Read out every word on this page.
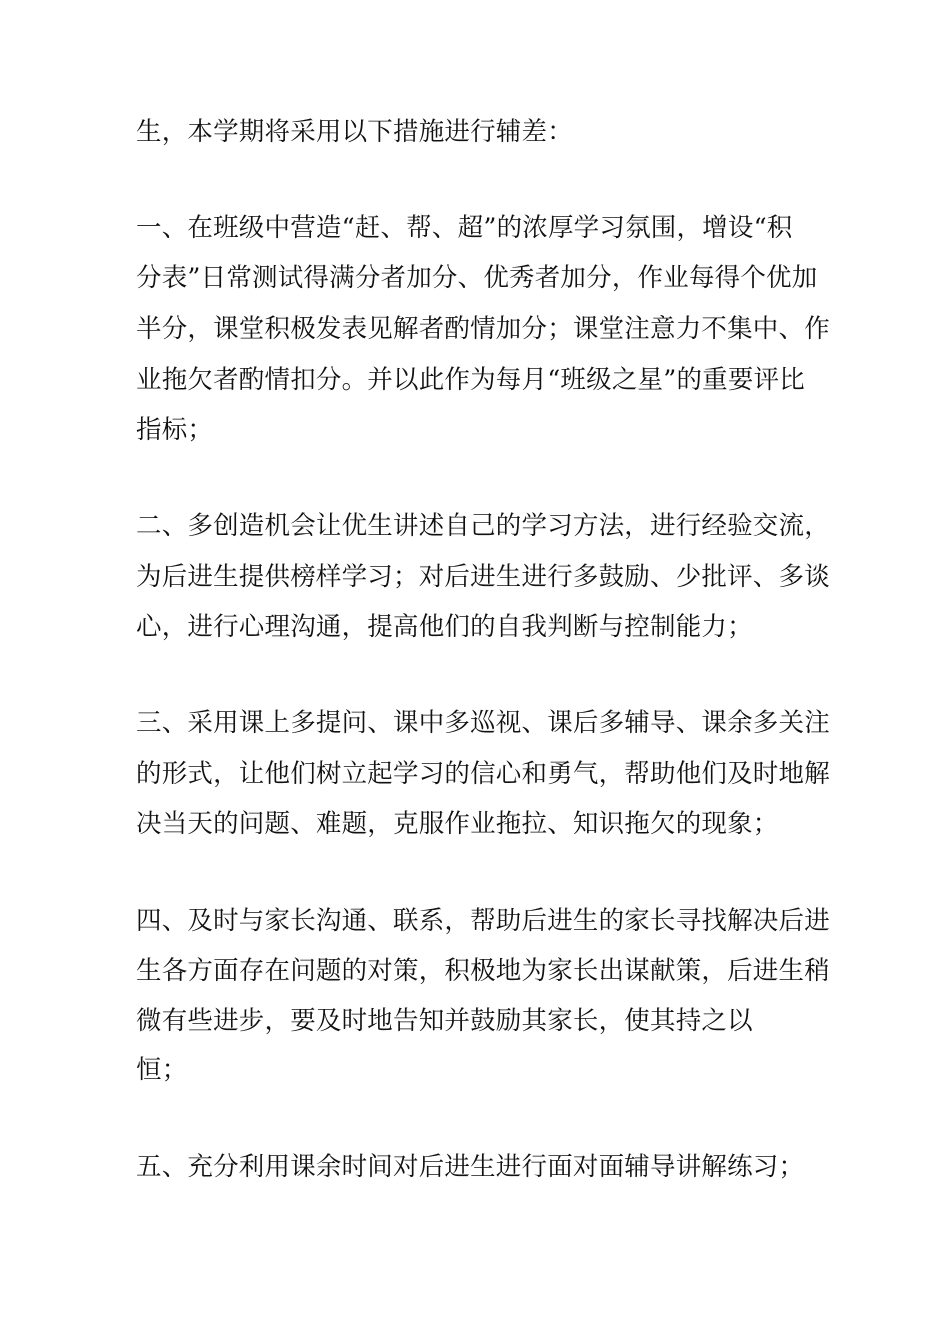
生，本学期将采用以下措施进行辅差：
一、在班级中营造“赶、帮、超”的浓厚学习氛围，增设“积
分表”日常测试得满分者加分、优秀者加分，作业每得个优加
半分，课堂积极发表见解者酌情加分；课堂注意力不集中、作
业拖欠者酌情扣分。并以此作为每月“班级之星”的重要评比
指标；
二、多创造机会让优生讲述自己的学习方法，进行经验交流，
为后进生提供榜样学习；对后进生进行多鼓励、少批评、多谈
心，进行心理沟通，提高他们的自我判断与控制能力；
三、采用课上多提问、课中多巡视、课后多辅导、课余多关注
的形式，让他们树立起学习的信心和勇气，帮助他们及时地解
决当天的问题、难题，克服作业拖拉、知识拖欠的现象；
四、及时与家长沟通、联系，帮助后进生的家长寻找解决后进
生各方面存在问题的对策，积极地为家长出谋献策，后进生稍
微有些进步，要及时地告知并鼓励其家长，使其持之以
恒；
五、充分利用课余时间对后进生进行面对面辅导讲解练习；
